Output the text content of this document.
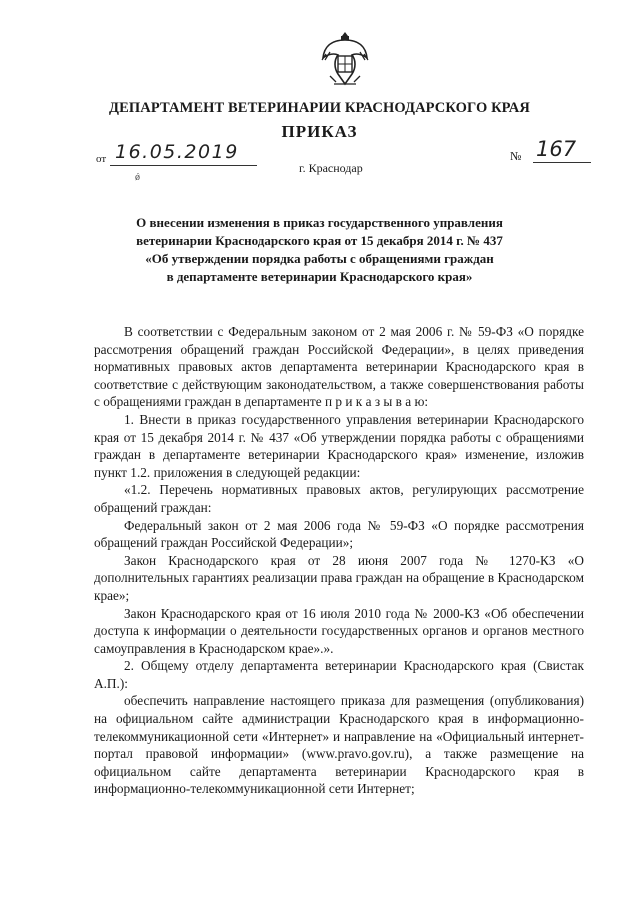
ДЕПАРТАМЕНТ ВЕТЕРИНАРИИ КРАСНОДАРСКОГО КРАЯ
ПРИКАЗ
от 16.05.2019
г. Краснодар
№ 167
ǿ
О внесении изменения в приказ государственного управления
ветеринарии Краснодарского края от 15 декабря 2014 г. № 437
«Об утверждении порядка работы с обращениями граждан
в департаменте ветеринарии Краснодарского края»

В соответствии с Федеральным законом от 2 мая 2006 г. № 59-ФЗ «О порядке рассмотрения обращений граждан Российской Федерации», в целях приведения нормативных правовых актов департамента ветеринарии Краснодарского края в соответствие с действующим законодательством, а также совершенствования работы с обращениями граждан в департаменте п р и к а з ы в а ю:

1. Внести в приказ государственного управления ветеринарии Краснодарского края от 15 декабря 2014 г. № 437 «Об утверждении порядка работы с обращениями граждан в департаменте ветеринарии Краснодарского края» изменение, изложив пункт 1.2. приложения в следующей редакции:

«1.2. Перечень нормативных правовых актов, регулирующих рассмотрение обращений граждан:

Федеральный закон от 2 мая 2006 года № 59-ФЗ «О порядке рассмотрения обращений граждан Российской Федерации»;

Закон Краснодарского края от 28 июня 2007 года № 1270-КЗ «О дополнительных гарантиях реализации права граждан на обращение в Краснодарском крае»;

Закон Краснодарского края от 16 июля 2010 года № 2000-КЗ «Об обеспечении доступа к информации о деятельности государственных органов и органов местного самоуправления в Краснодарском крае».».

2. Общему отделу департамента ветеринарии Краснодарского края (Свистак А.П.):

обеспечить направление настоящего приказа для размещения (опубликования) на официальном сайте администрации Краснодарского края в информационно-телекоммуникационной сети «Интернет» и направление на «Официальный интернет-портал правовой информации» (www.pravo.gov.ru), а также размещение на официальном сайте департамента ветеринарии Краснодарского края в информационно-телекоммуникационной сети Интернет;
